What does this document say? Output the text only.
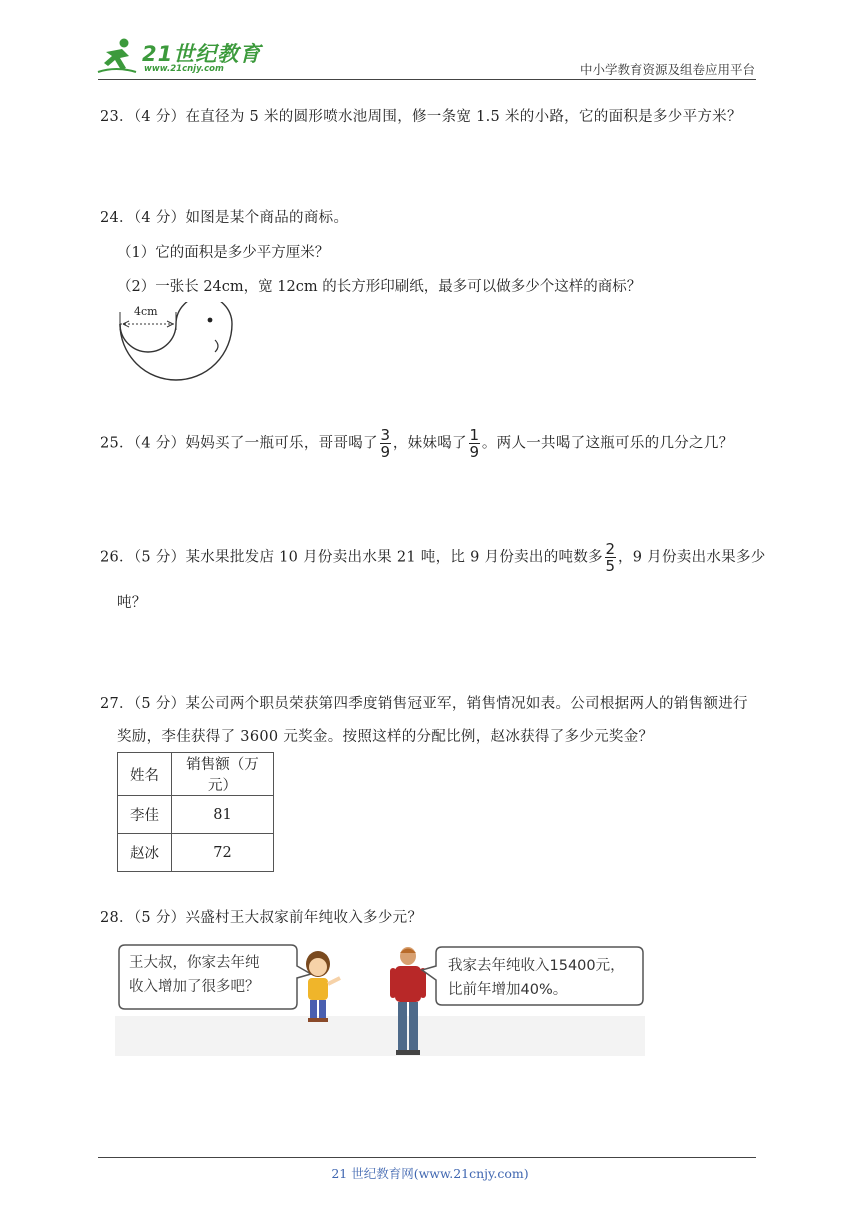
21世纪教育
www.21cnjy.com	中小学教育资源及组卷应用平台
23．（4 分）在直径为 5 米的圆形喷水池周围，修一条宽 1.5 米的小路，它的面积是多少平方米？
24．（4 分）如图是某个商品的商标。
（1）它的面积是多少平方厘米？
（2）一张长 24cm，宽 12cm 的长方形印刷纸，最多可以做多少个这样的商标？
4cm
25．（4 分）妈妈买了一瓶可乐，哥哥喝了 $\frac{3}{9}$ ，妹妹喝了 $\frac{1}{9}$ 。两人一共喝了这瓶可乐的几分之几？
26．（5 分）某水果批发店 10 月份卖出水果 21 吨，比 9 月份卖出的吨数多 $\frac{2}{5}$ ，9 月份卖出水果多少
吨？
27．（5 分）某公司两个职员荣获第四季度销售冠亚军，销售情况如表。公司根据两人的销售额进行
奖励，李佳获得了 3600 元奖金。按照这样的分配比例，赵冰获得了多少元奖金？
姓名	销售额（万元）
李佳	81
赵冰	72
28．（5 分）兴盛村王大叔家前年纯收入多少元？
王大叔，你家去年纯
收入增加了很多吧？
我家去年纯收入15400元，
比前年增加40%。
21 世纪教育网(www.21cnjy.com)
